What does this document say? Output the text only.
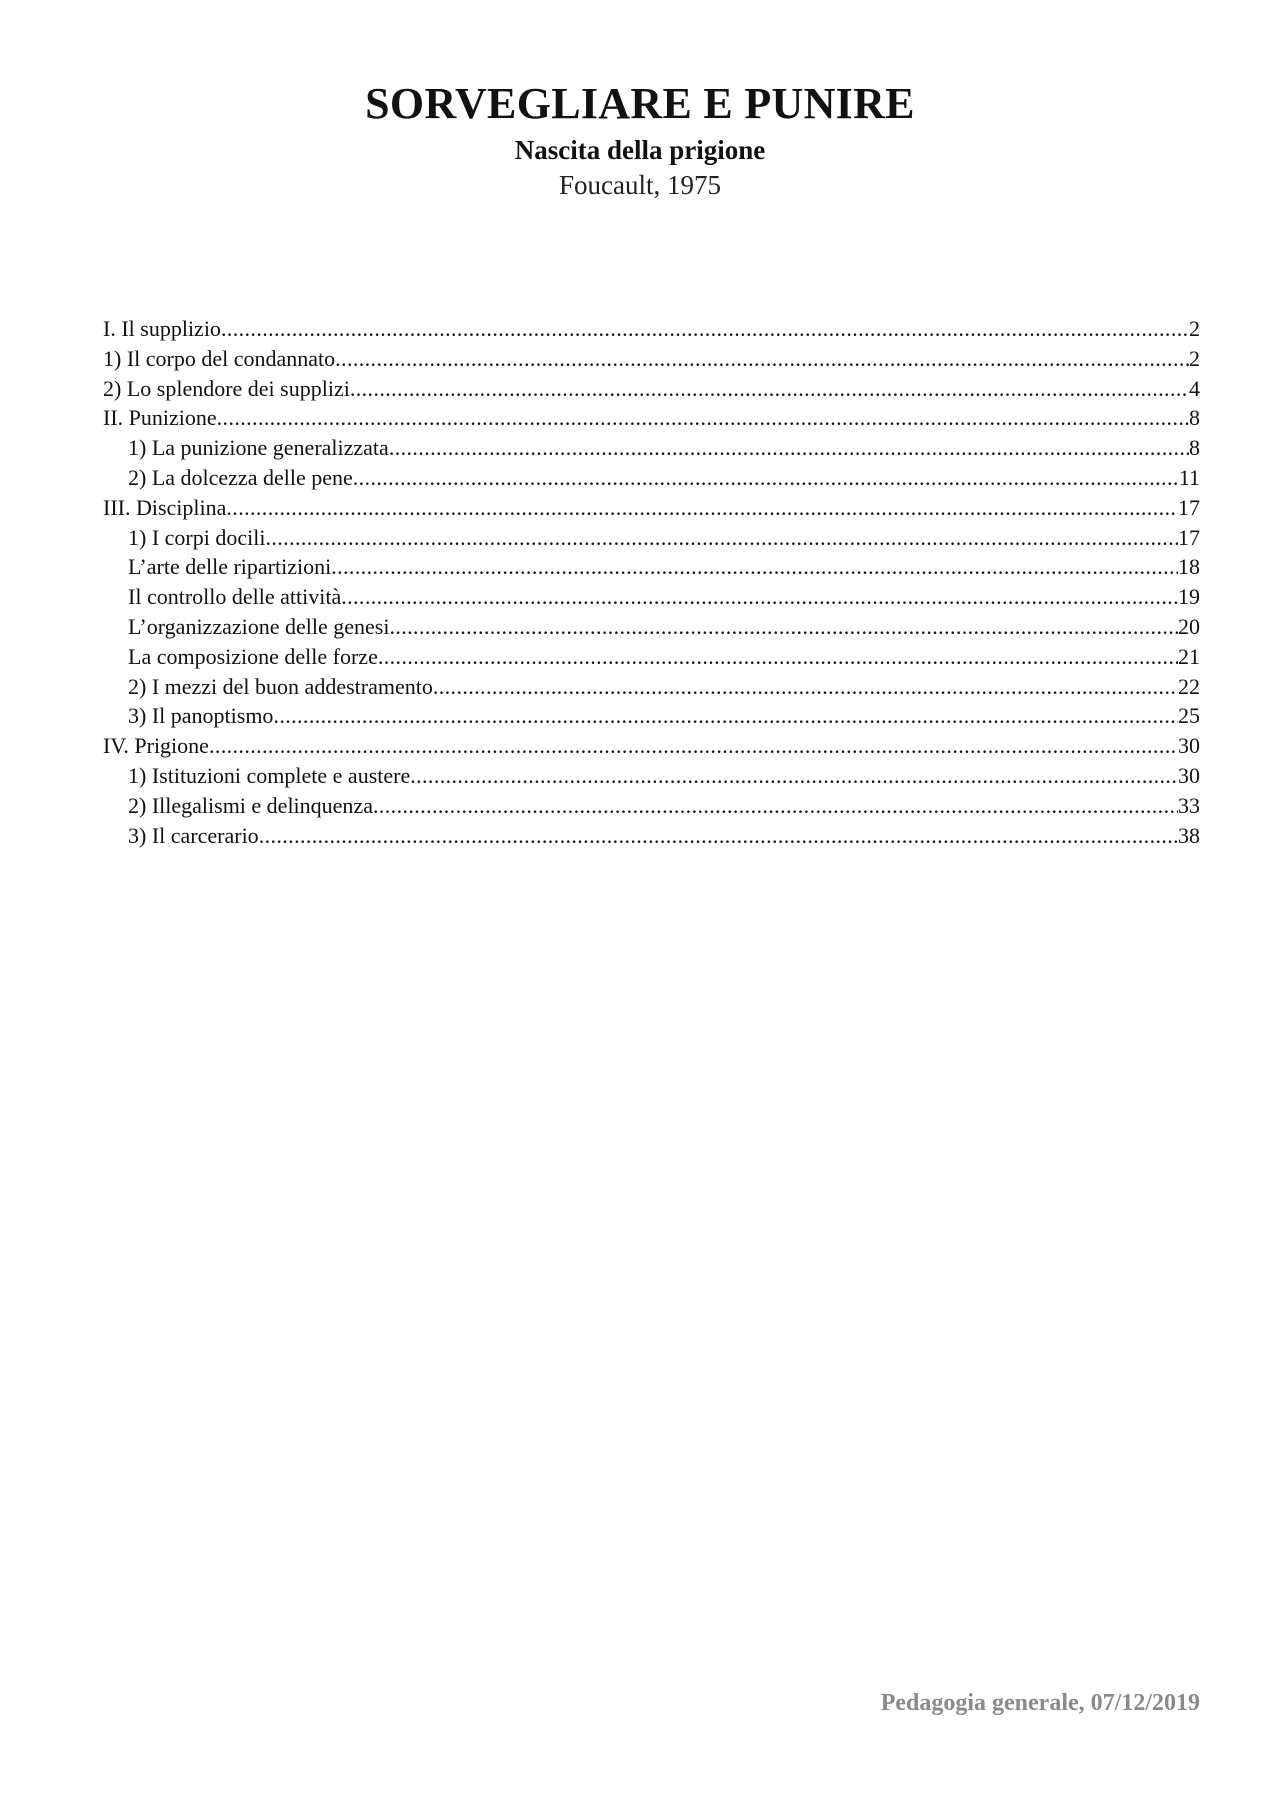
SORVEGLIARE E PUNIRE
Nascita della prigione
Foucault, 1975
I. Il supplizio .....	2
1) Il corpo del condannato .....	2
2) Lo splendore dei supplizi .....	4
II. Punizione .....	8
1) La punizione generalizzata .....	8
2) La dolcezza delle pene .....	11
III. Disciplina .....	17
1) I corpi docili .....	17
L’arte delle ripartizioni .....	18
Il controllo delle attività .....	19
L’organizzazione delle genesi .....	20
La composizione delle forze .....	21
2) I mezzi del buon addestramento .....	22
3) Il panoptismo .....	25
IV. Prigione .....	30
1) Istituzioni complete e austere .....	30
2) Illegalismi e delinquenza .....	33
3) Il carcerario .....	38
Pedagogia generale, 07/12/2019
